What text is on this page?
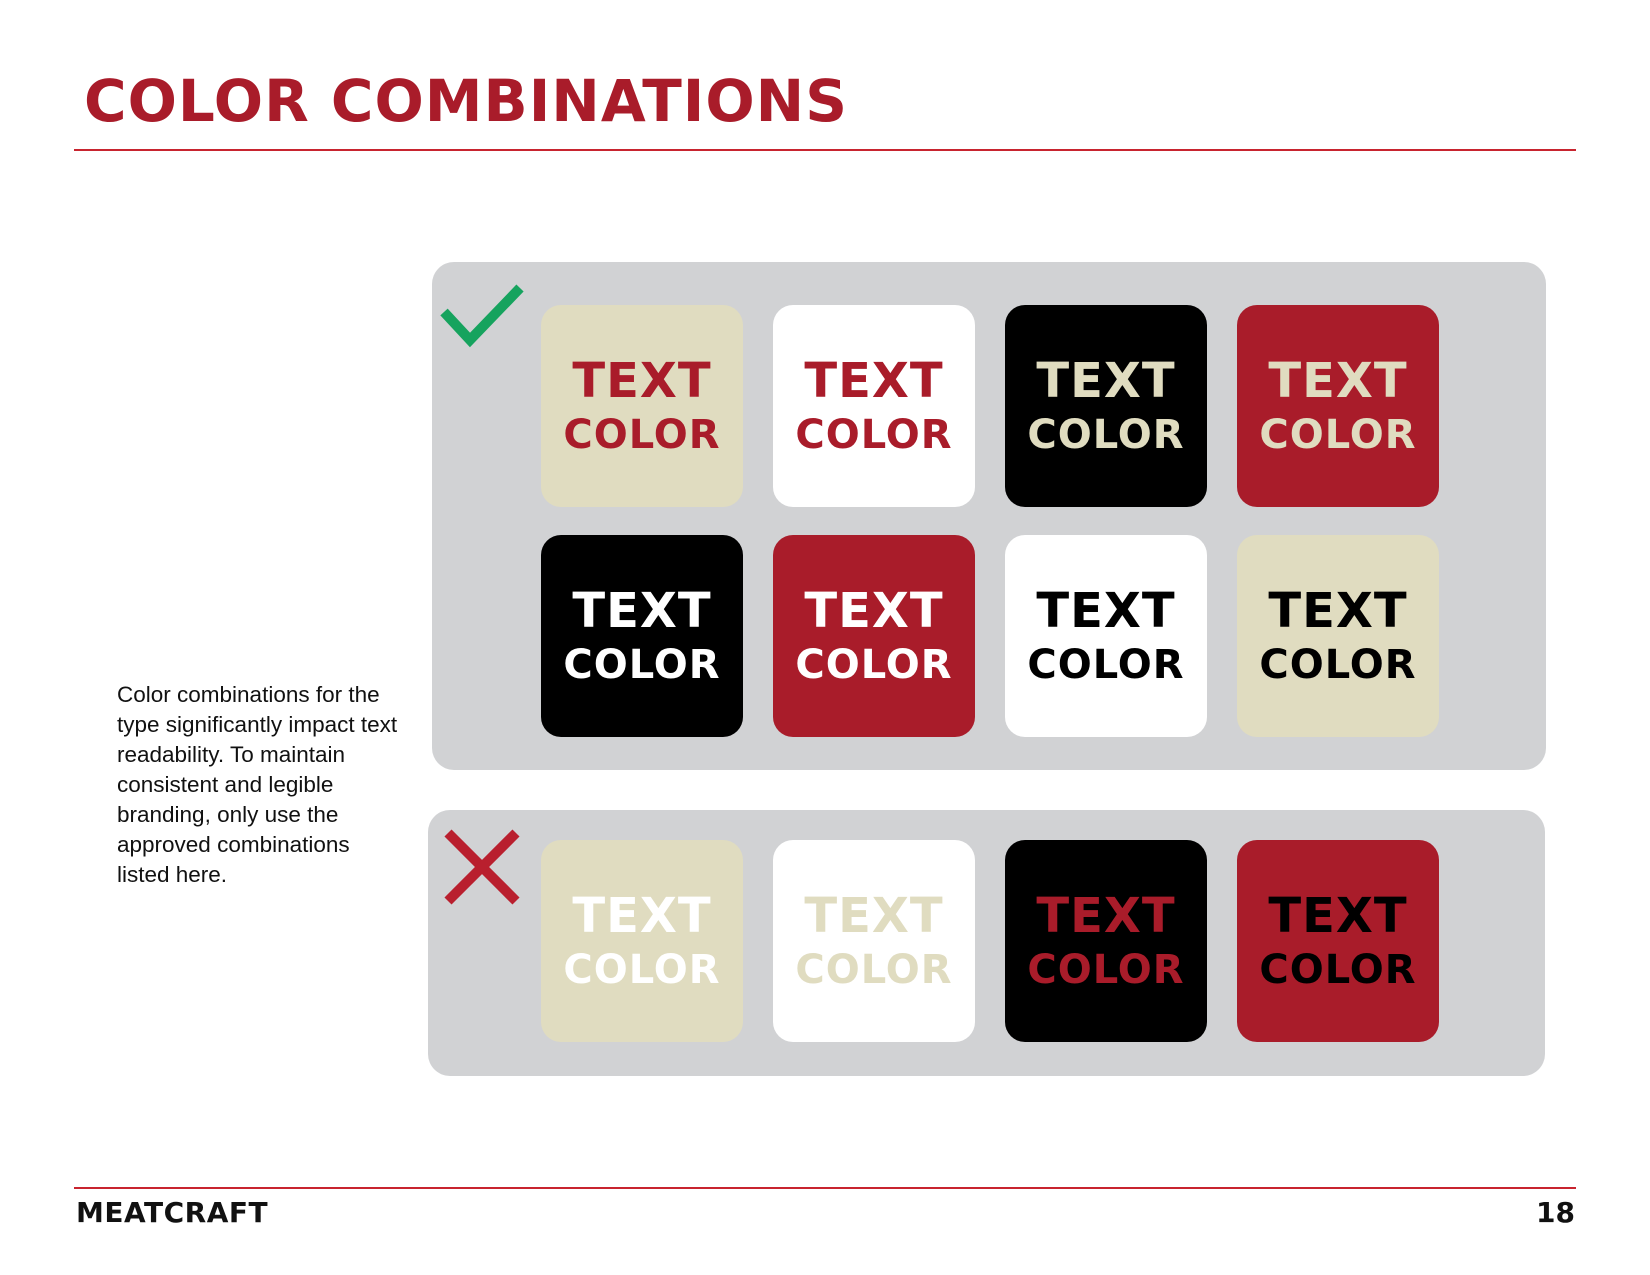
COLOR COMBINATIONS

Color combinations for the type significantly impact text readability. To maintain consistent and legible branding, only use the approved combinations listed here.

TEXT
COLOR
TEXT
COLOR
TEXT
COLOR
TEXT
COLOR
TEXT
COLOR
TEXT
COLOR
TEXT
COLOR
TEXT
COLOR
TEXT
COLOR
TEXT
COLOR
TEXT
COLOR
TEXT
COLOR
MEATCRAFT	18
